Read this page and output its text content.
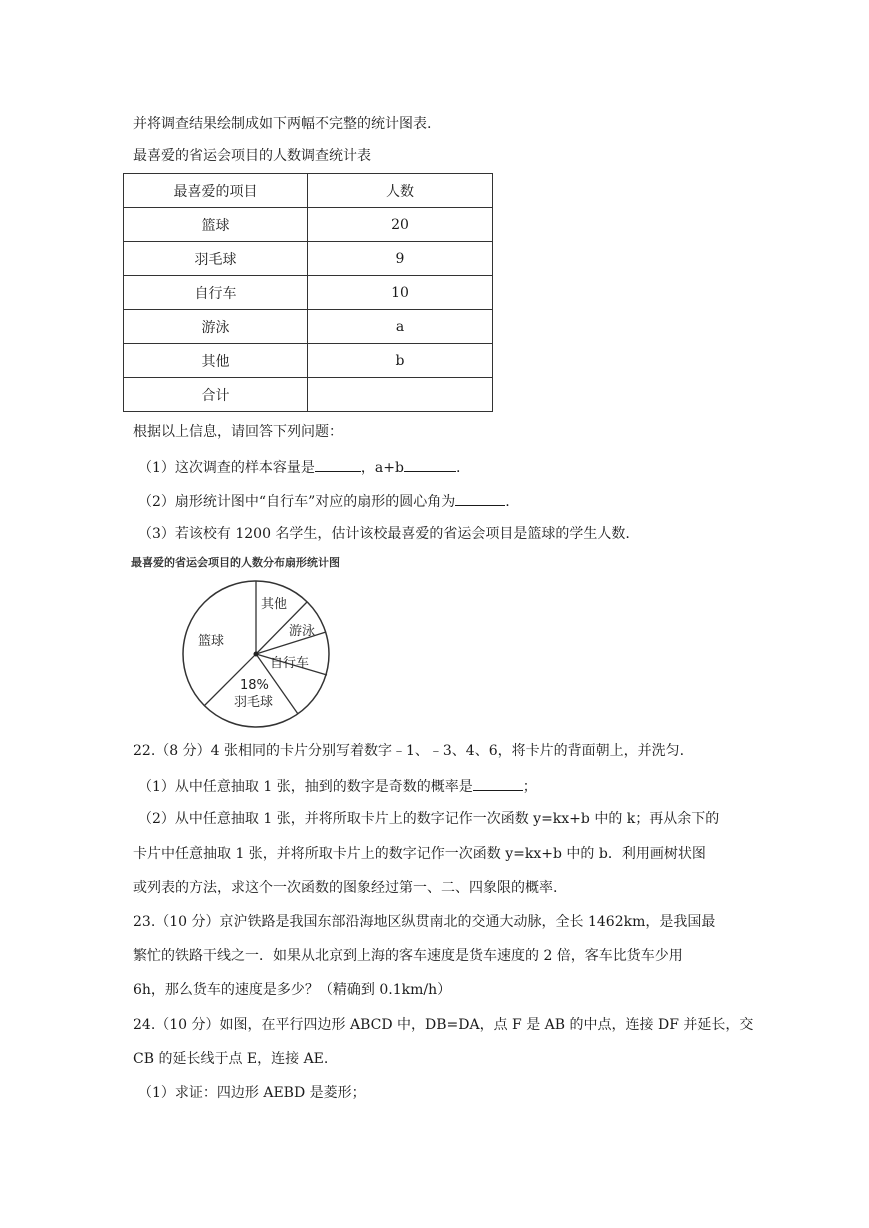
并将调查结果绘制成如下两幅不完整的统计图表.
最喜爱的省运会项目的人数调查统计表
最喜爱的项目	人数
篮球	20
羽毛球	9
自行车	10
游泳	a
其他	b
合计	
根据以上信息，请回答下列问题：
（1）这次调查的样本容量是	，a+b	.
（2）扇形统计图中“自行车”对应的扇形的圆心角为	.
（3）若该校有 1200 名学生，估计该校最喜爱的省运会项目是篮球的学生人数.
最喜爱的省运会项目的人数分布扇形统计图
篮球
其他
游泳
自行车
18%
羽毛球
22.（8 分）4 张相同的卡片分别写着数字﹣1、﹣3、4、6，将卡片的背面朝上，并洗匀.
（1）从中任意抽取 1 张，抽到的数字是奇数的概率是	；
（2）从中任意抽取 1 张，并将所取卡片上的数字记作一次函数 y=kx+b 中的 k；再从余下的
卡片中任意抽取 1 张，并将所取卡片上的数字记作一次函数 y=kx+b 中的 b．利用画树状图
或列表的方法，求这个一次函数的图象经过第一、二、四象限的概率.
23.（10 分）京沪铁路是我国东部沿海地区纵贯南北的交通大动脉，全长 1462km，是我国最
繁忙的铁路干线之一．如果从北京到上海的客车速度是货车速度的 2 倍，客车比货车少用
6h，那么货车的速度是多少？（精确到 0.1km/h）
24.（10 分）如图，在平行四边形 ABCD 中，DB=DA，点 F 是 AB 的中点，连接 DF 并延长，交
CB 的延长线于点 E，连接 AE.
（1）求证：四边形 AEBD 是菱形；
